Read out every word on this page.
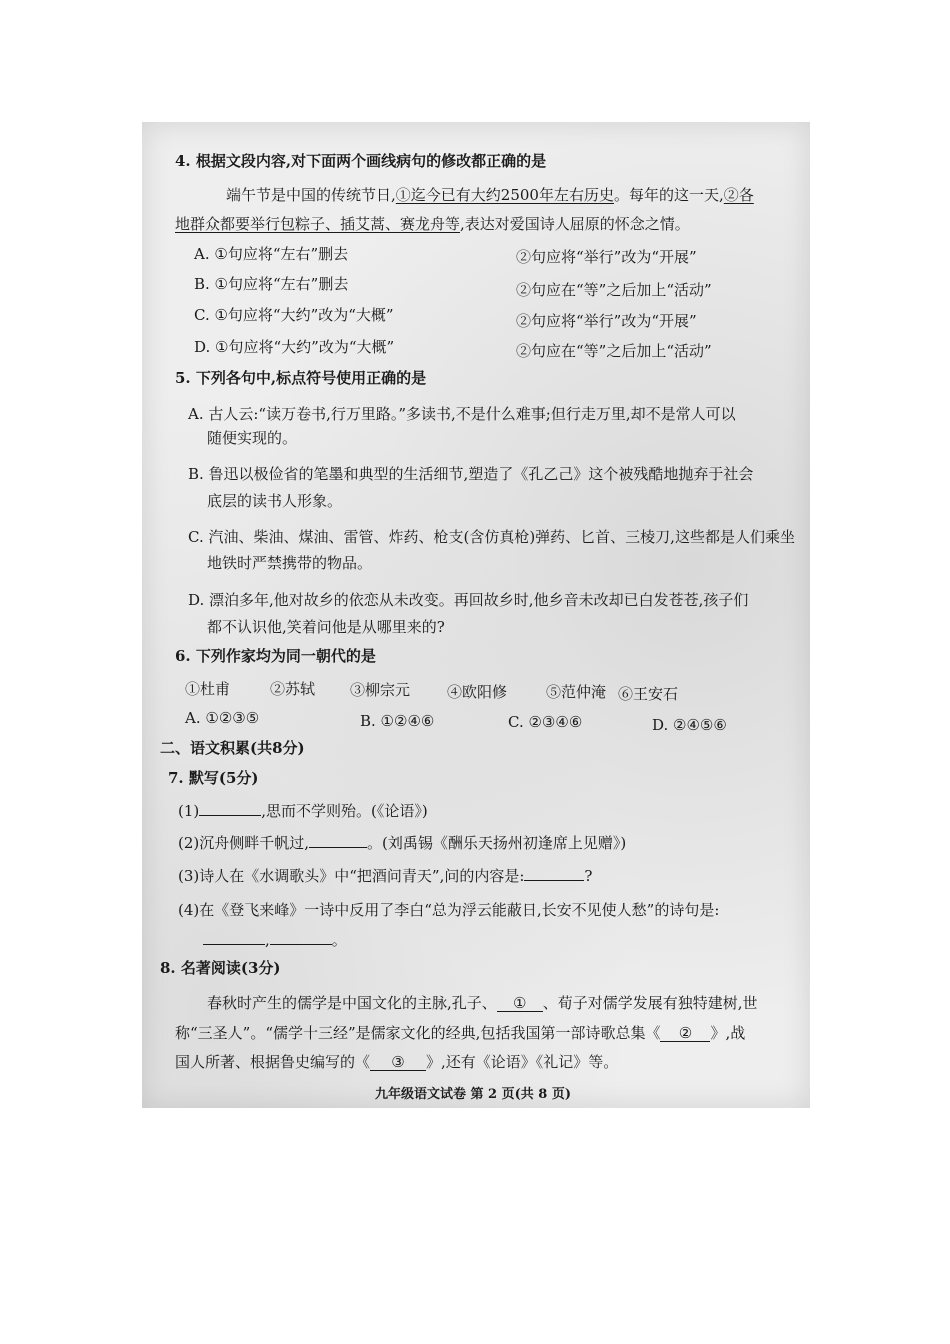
4. 根据文段内容,对下面两个画线病句的修改都正确的是
端午节是中国的传统节日,①迄今已有大约2500年左右历史。每年的这一天,②各
地群众都要举行包粽子、插艾蒿、赛龙舟等,表达对爱国诗人屈原的怀念之情。
A. ①句应将“左右”删去	②句应将“举行”改为“开展”
B. ①句应将“左右”删去	②句应在“等”之后加上“活动”
C. ①句应将“大约”改为“大概”	②句应将“举行”改为“开展”
D. ①句应将“大约”改为“大概”	②句应在“等”之后加上“活动”
5. 下列各句中,标点符号使用正确的是
A. 古人云:“读万卷书,行万里路。”多读书,不是什么难事;但行走万里,却不是常人可以
随便实现的。
B. 鲁迅以极俭省的笔墨和典型的生活细节,塑造了《孔乙己》这个被残酷地抛弃于社会
底层的读书人形象。
C. 汽油、柴油、煤油、雷管、炸药、枪支(含仿真枪)弹药、匕首、三棱刀,这些都是人们乘坐
地铁时严禁携带的物品。
D. 漂泊多年,他对故乡的依恋从未改变。再回故乡时,他乡音未改却已白发苍苍,孩子们
都不认识他,笑着问他是从哪里来的?
6. 下列作家均为同一朝代的是
①杜甫	②苏轼 ③柳宗元 ④欧阳修	⑤范仲淹 ⑥王安石
A. ①②③⑤	B. ①②④⑥	C. ②③④⑥	D. ②④⑤⑥
二、语文积累(共8分)
7. 默写(5分)
(1)	,思而不学则殆。(《论语》)
(2)沉舟侧畔千帆过,	。(刘禹锡《酬乐天扬州初逢席上见赠》)
(3)诗人在《水调歌头》中“把酒问青天”,问的内容是:	?
(4)在《登飞来峰》一诗中反用了李白“总为浮云能蔽日,长安不见使人愁”的诗句是:
,	。
8. 名著阅读(3分)
春秋时产生的儒学是中国文化的主脉,孔子、 ① 、荀子对儒学发展有独特建树,世
称“三圣人”。“儒学十三经”是儒家文化的经典,包括我国第一部诗歌总集《 ② 》,战
国人所著、根据鲁史编写的《 ③ 》,还有《论语》《礼记》等。
九年级语文试卷 第 2 页(共 8 页)
